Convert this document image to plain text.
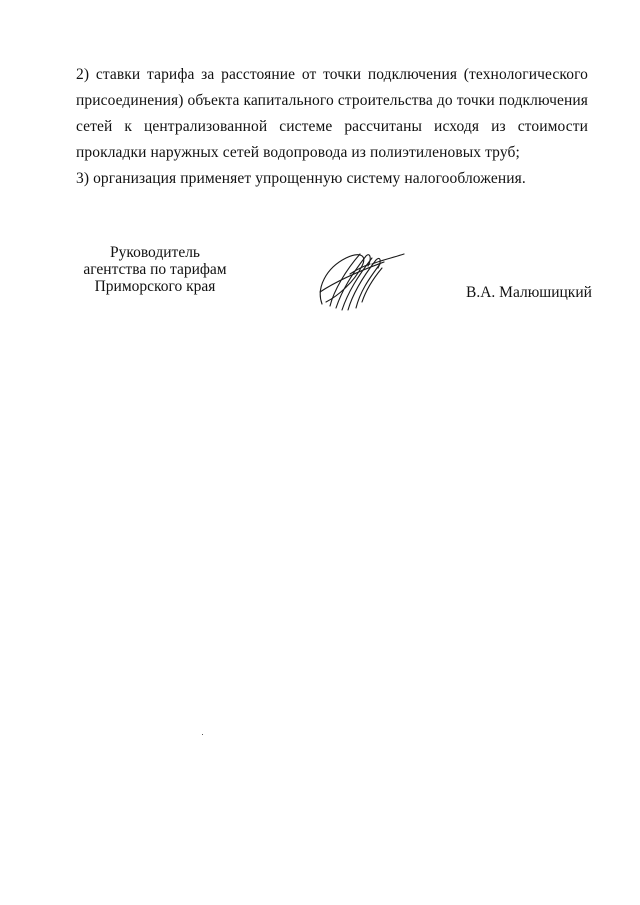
2) ставки тарифа за расстояние от точки подключения (технологического присоединения) объекта капитального строительства до точки подключения сетей к централизованной системе рассчитаны исходя из стоимости прокладки наружных сетей водопровода из полиэтиленовых труб;

3) организация применяет упрощенную систему налогообложения.

Руководитель
агентства по тарифам
Приморского края	В.А. Малюшицкий
